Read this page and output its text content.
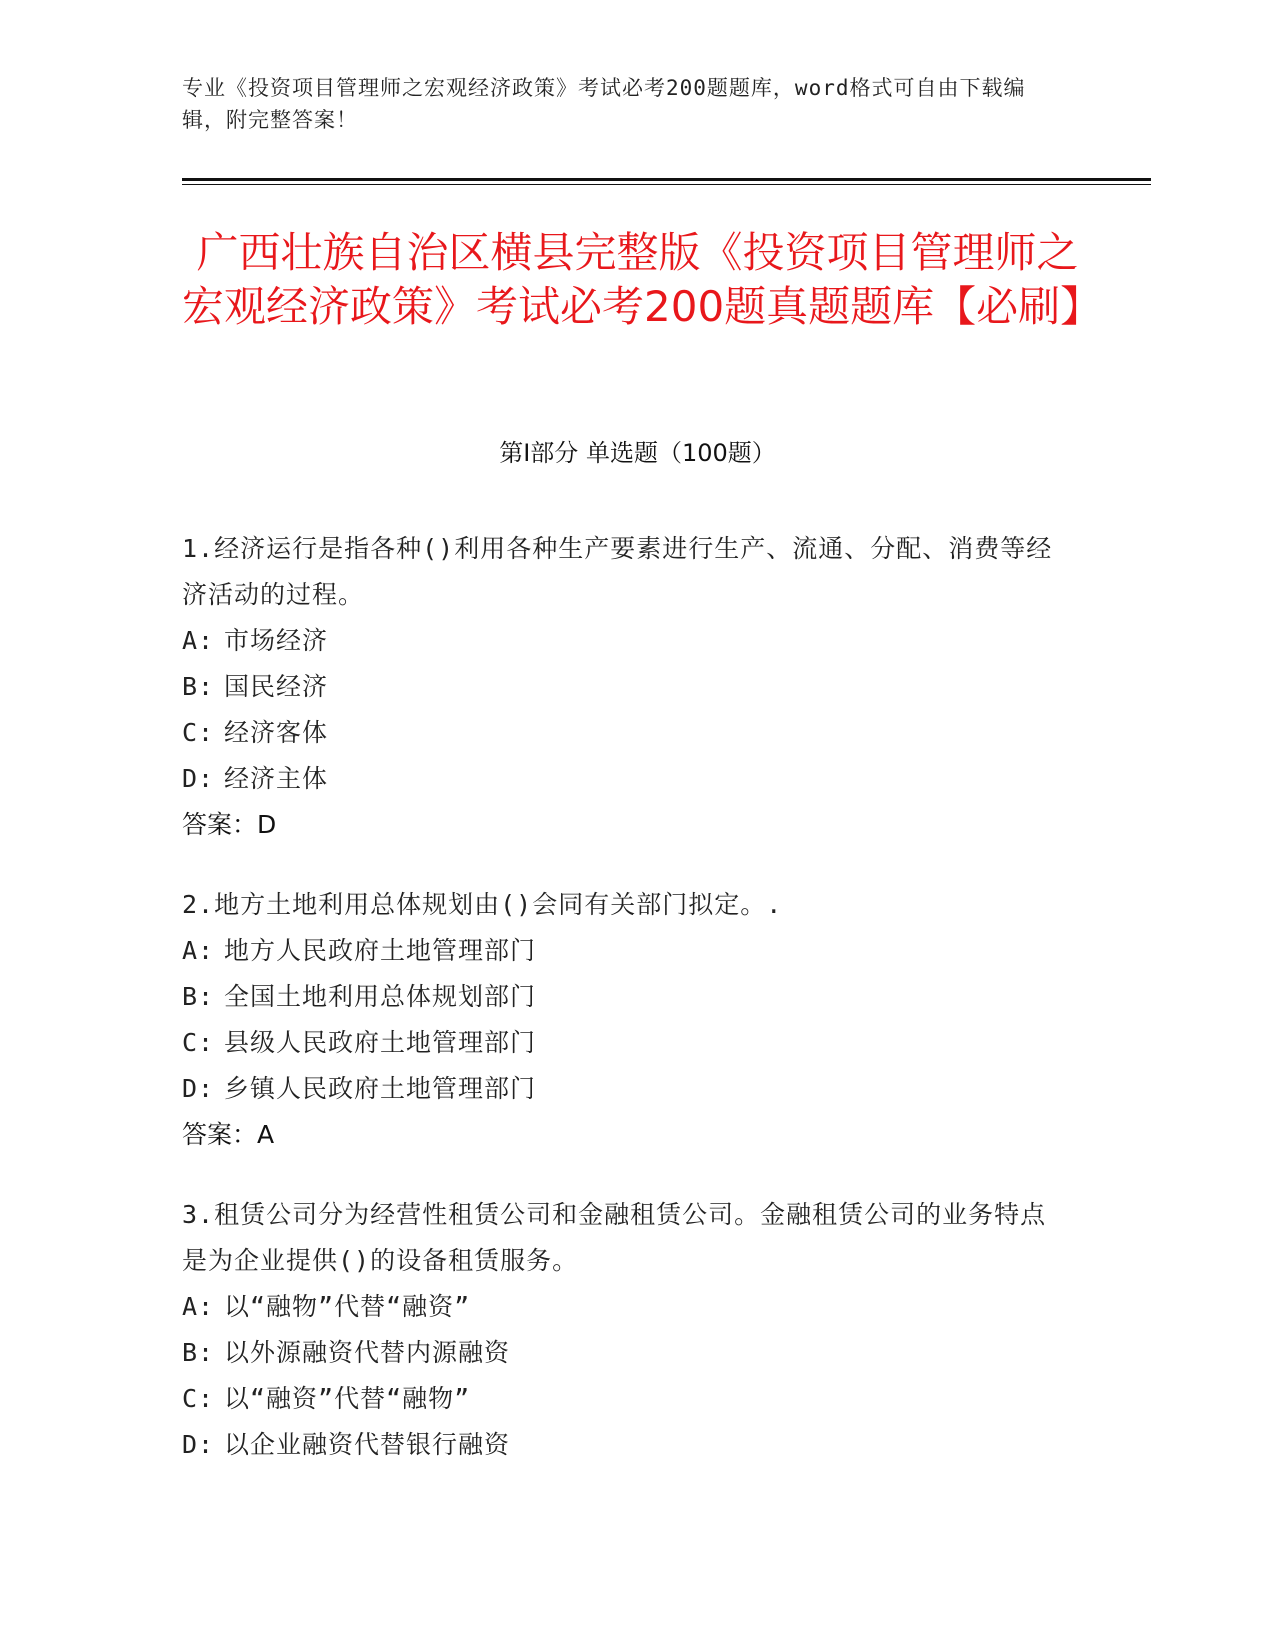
专业《投资项目管理师之宏观经济政策》考试必考200题题库，word格式可自由下载编辑，附完整答案！
广西壮族自治区横县完整版《投资项目管理师之宏观经济政策》考试必考200题真题题库【必刷】
第Ⅰ部分 单选题（100题）

1.经济运行是指各种()利用各种生产要素进行生产、流通、分配、消费等经济活动的过程。

A: 市场经济

B: 国民经济

C: 经济客体

D: 经济主体

答案：D

2.地方土地利用总体规划由()会同有关部门拟定。.

A: 地方人民政府土地管理部门

B: 全国土地利用总体规划部门

C: 县级人民政府土地管理部门

D: 乡镇人民政府土地管理部门

答案：A

3.租赁公司分为经营性租赁公司和金融租赁公司。金融租赁公司的业务特点是为企业提供()的设备租赁服务。

A: 以“融物”代替“融资”

B: 以外源融资代替内源融资

C: 以“融资”代替“融物”

D: 以企业融资代替银行融资
